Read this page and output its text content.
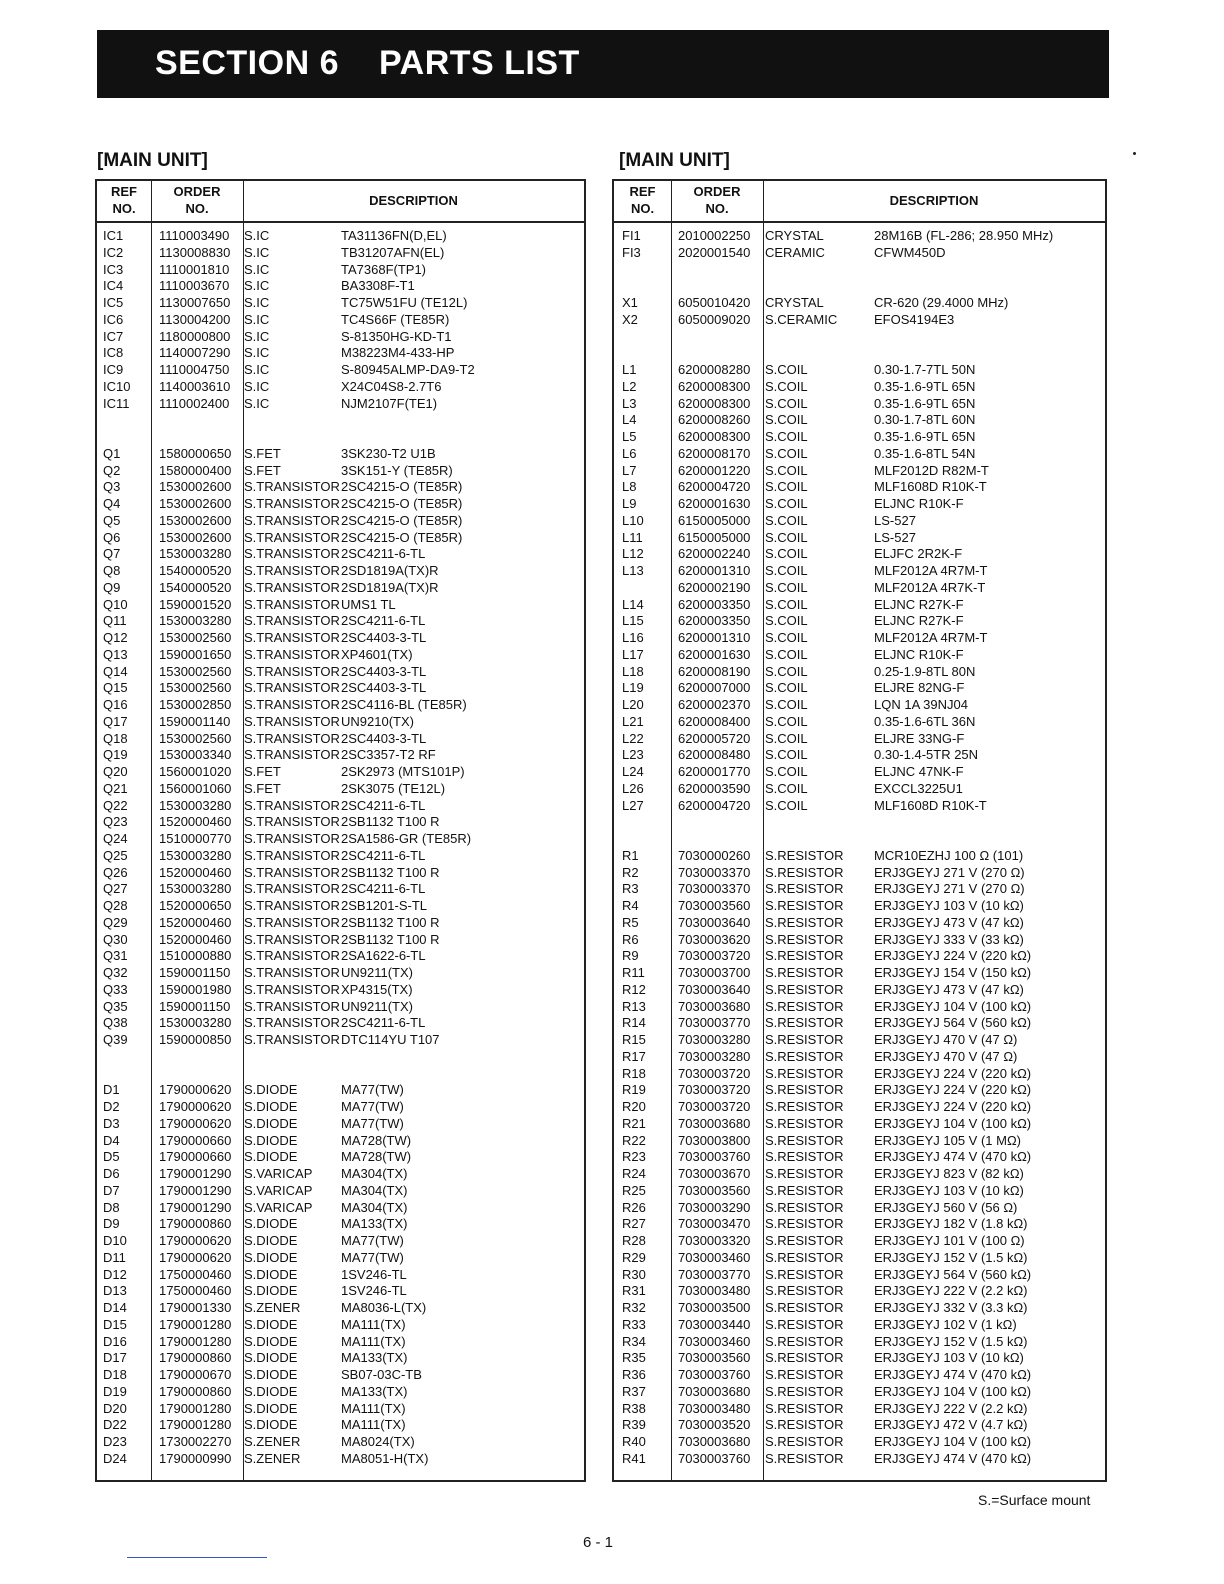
SECTION 6 PARTS LIST
[MAIN UNIT]	[MAIN UNIT]
REF
NO.
ORDER
NO.
DESCRIPTION
IC1	1110003490 S.IC	TA31136FN(D,EL)
IC2	1130008830 S.IC	TB31207AFN(EL)
IC3	1110001810 S.IC	TA7368F(TP1)
IC4	1110003670 S.IC	BA3308F-T1
IC5	1130007650 S.IC	TC75W51FU (TE12L)
IC6	1130004200 S.IC	TC4S66F (TE85R)
IC7	1180000800 S.IC	S-81350HG-KD-T1
IC8	1140007290 S.IC	M38223M4-433-HP
IC9	1110004750 S.IC	S-80945ALMP-DA9-T2
IC10 1140003610 S.IC	X24C04S8-2.7T6
IC11 1110002400 S.IC	NJM2107F(TE1)
Q1	1580000650 S.FET	3SK230-T2 U1B
Q2	1580000400 S.FET	3SK151-Y (TE85R)
Q3	1530002600 S.TRANSISTOR 2SC4215-O (TE85R)
Q4	1530002600 S.TRANSISTOR 2SC4215-O (TE85R)
Q5	1530002600 S.TRANSISTOR 2SC4215-O (TE85R)
Q6	1530002600 S.TRANSISTOR 2SC4215-O (TE85R)
Q7	1530003280 S.TRANSISTOR 2SC4211-6-TL
Q8	1540000520 S.TRANSISTOR 2SD1819A(TX)R
Q9	1540000520 S.TRANSISTOR 2SD1819A(TX)R
Q10 1590001520 S.TRANSISTOR UMS1 TL
Q11 1530003280 S.TRANSISTOR 2SC4211-6-TL
Q12 1530002560 S.TRANSISTOR 2SC4403-3-TL
Q13 1590001650 S.TRANSISTOR XP4601(TX)
Q14 1530002560 S.TRANSISTOR 2SC4403-3-TL
Q15 1530002560 S.TRANSISTOR 2SC4403-3-TL
Q16 1530002850 S.TRANSISTOR 2SC4116-BL (TE85R)
Q17 1590001140 S.TRANSISTOR UN9210(TX)
Q18 1530002560 S.TRANSISTOR 2SC4403-3-TL
Q19 1530003340 S.TRANSISTOR 2SC3357-T2 RF
Q20 1560001020 S.FET	2SK2973 (MTS101P)
Q21 1560001060 S.FET	2SK3075 (TE12L)
Q22 1530003280 S.TRANSISTOR 2SC4211-6-TL
Q23 1520000460 S.TRANSISTOR 2SB1132 T100 R
Q24 1510000770 S.TRANSISTOR 2SA1586-GR (TE85R)
Q25 1530003280 S.TRANSISTOR 2SC4211-6-TL
Q26 1520000460 S.TRANSISTOR 2SB1132 T100 R
Q27 1530003280 S.TRANSISTOR 2SC4211-6-TL
Q28 1520000650 S.TRANSISTOR 2SB1201-S-TL
Q29 1520000460 S.TRANSISTOR 2SB1132 T100 R
Q30 1520000460 S.TRANSISTOR 2SB1132 T100 R
Q31 1510000880 S.TRANSISTOR 2SA1622-6-TL
Q32 1590001150 S.TRANSISTOR UN9211(TX)
Q33 1590001980 S.TRANSISTOR XP4315(TX)
Q35 1590001150 S.TRANSISTOR UN9211(TX)
Q38 1530003280 S.TRANSISTOR 2SC4211-6-TL
Q39 1590000850 S.TRANSISTOR DTC114YU T107
D1	1790000620 S.DIODE	MA77(TW)
D2	1790000620 S.DIODE	MA77(TW)
D3	1790000620 S.DIODE	MA77(TW)
D4	1790000660 S.DIODE	MA728(TW)
D5	1790000660 S.DIODE	MA728(TW)
D6	1790001290 S.VARICAP MA304(TX)
D7	1790001290 S.VARICAP MA304(TX)
D8	1790001290 S.VARICAP MA304(TX)
D9	1790000860 S.DIODE	MA133(TX)
D10 1790000620 S.DIODE	MA77(TW)
D11	1790000620 S.DIODE	MA77(TW)
D12 1750000460 S.DIODE	1SV246-TL
D13 1750000460 S.DIODE	1SV246-TL
D14 1790001330 S.ZENER	MA8036-L(TX)
D15 1790001280 S.DIODE	MA111(TX)
D16 1790001280 S.DIODE	MA111(TX)
D17 1790000860 S.DIODE	MA133(TX)
D18 1790000670 S.DIODE	SB07-03C-TB
D19 1790000860 S.DIODE	MA133(TX)
D20 1790001280 S.DIODE	MA111(TX)
D22 1790001280 S.DIODE	MA111(TX)
D23 1730002270 S.ZENER	MA8024(TX)
D24 1790000990 S.ZENER	MA8051-H(TX)
REF
NO.
ORDER
NO.
DESCRIPTION
FI1	2010002250 CRYSTAL	28M16B (FL-286; 28.950 MHz)
FI3	2020001540 CERAMIC	CFWM450D
X1	6050010420 CRYSTAL	CR-620 (29.4000 MHz)
X2	6050009020 S.CERAMIC	EFOS4194E3
L1	6200008280 S.COIL	0.30-1.7-7TL 50N
L2	6200008300 S.COIL	0.35-1.6-9TL 65N
L3	6200008300 S.COIL	0.35-1.6-9TL 65N
L4	6200008260 S.COIL	0.30-1.7-8TL 60N
L5	6200008300 S.COIL	0.35-1.6-9TL 65N
L6	6200008170 S.COIL	0.35-1.6-8TL 54N
L7	6200001220 S.COIL	MLF2012D R82M-T
L8	6200004720 S.COIL	MLF1608D R10K-T
L9	6200001630 S.COIL	ELJNC R10K-F
L10	6150005000 S.COIL	LS-527
L11	6150005000 S.COIL	LS-527
L12	6200002240 S.COIL	ELJFC 2R2K-F
L13	6200001310 S.COIL	MLF2012A 4R7M-T
6200002190 S.COIL	MLF2012A 4R7K-T
L14	6200003350 S.COIL	ELJNC R27K-F
L15	6200003350 S.COIL	ELJNC R27K-F
L16	6200001310 S.COIL	MLF2012A 4R7M-T
L17	6200001630 S.COIL	ELJNC R10K-F
L18	6200008190 S.COIL	0.25-1.9-8TL 80N
L19	6200007000 S.COIL	ELJRE 82NG-F
L20	6200002370 S.COIL	LQN 1A 39NJ04
L21	6200008400 S.COIL	0.35-1.6-6TL 36N
L22	6200005720 S.COIL	ELJRE 33NG-F
L23	6200008480 S.COIL	0.30-1.4-5TR 25N
L24	6200001770 S.COIL	ELJNC 47NK-F
L26	6200003590 S.COIL	EXCCL3225U1
L27	6200004720 S.COIL	MLF1608D R10K-T
R1	7030000260 S.RESISTOR MCR10EZHJ 100 Ω (101)
R2	7030003370 S.RESISTOR ERJ3GEYJ 271 V (270 Ω)
R3	7030003370 S.RESISTOR ERJ3GEYJ 271 V (270 Ω)
R4	7030003560 S.RESISTOR ERJ3GEYJ 103 V (10 kΩ)
R5	7030003640 S.RESISTOR ERJ3GEYJ 473 V (47 kΩ)
R6	7030003620 S.RESISTOR ERJ3GEYJ 333 V (33 kΩ)
R9	7030003720 S.RESISTOR ERJ3GEYJ 224 V (220 kΩ)
R11	7030003700 S.RESISTOR ERJ3GEYJ 154 V (150 kΩ)
R12 7030003640 S.RESISTOR ERJ3GEYJ 473 V (47 kΩ)
R13 7030003680 S.RESISTOR ERJ3GEYJ 104 V (100 kΩ)
R14 7030003770 S.RESISTOR ERJ3GEYJ 564 V (560 kΩ)
R15 7030003280 S.RESISTOR ERJ3GEYJ 470 V (47 Ω)
R17 7030003280 S.RESISTOR ERJ3GEYJ 470 V (47 Ω)
R18 7030003720 S.RESISTOR ERJ3GEYJ 224 V (220 kΩ)
R19 7030003720 S.RESISTOR ERJ3GEYJ 224 V (220 kΩ)
R20 7030003720 S.RESISTOR ERJ3GEYJ 224 V (220 kΩ)
R21 7030003680 S.RESISTOR ERJ3GEYJ 104 V (100 kΩ)
R22 7030003800 S.RESISTOR ERJ3GEYJ 105 V (1 MΩ)
R23 7030003760 S.RESISTOR ERJ3GEYJ 474 V (470 kΩ)
R24 7030003670 S.RESISTOR ERJ3GEYJ 823 V (82 kΩ)
R25 7030003560 S.RESISTOR ERJ3GEYJ 103 V (10 kΩ)
R26 7030003290 S.RESISTOR ERJ3GEYJ 560 V (56 Ω)
R27 7030003470 S.RESISTOR ERJ3GEYJ 182 V (1.8 kΩ)
R28 7030003320 S.RESISTOR ERJ3GEYJ 101 V (100 Ω)
R29 7030003460 S.RESISTOR ERJ3GEYJ 152 V (1.5 kΩ)
R30 7030003770 S.RESISTOR ERJ3GEYJ 564 V (560 kΩ)
R31 7030003480 S.RESISTOR ERJ3GEYJ 222 V (2.2 kΩ)
R32 7030003500 S.RESISTOR ERJ3GEYJ 332 V (3.3 kΩ)
R33 7030003440 S.RESISTOR ERJ3GEYJ 102 V (1 kΩ)
R34 7030003460 S.RESISTOR ERJ3GEYJ 152 V (1.5 kΩ)
R35 7030003560 S.RESISTOR ERJ3GEYJ 103 V (10 kΩ)
R36 7030003760 S.RESISTOR ERJ3GEYJ 474 V (470 kΩ)
R37 7030003680 S.RESISTOR ERJ3GEYJ 104 V (100 kΩ)
R38 7030003480 S.RESISTOR ERJ3GEYJ 222 V (2.2 kΩ)
R39 7030003520 S.RESISTOR ERJ3GEYJ 472 V (4.7 kΩ)
R40 7030003680 S.RESISTOR ERJ3GEYJ 104 V (100 kΩ)
R41 7030003760 S.RESISTOR ERJ3GEYJ 474 V (470 kΩ)
S.=Surface mount
6 - 1
